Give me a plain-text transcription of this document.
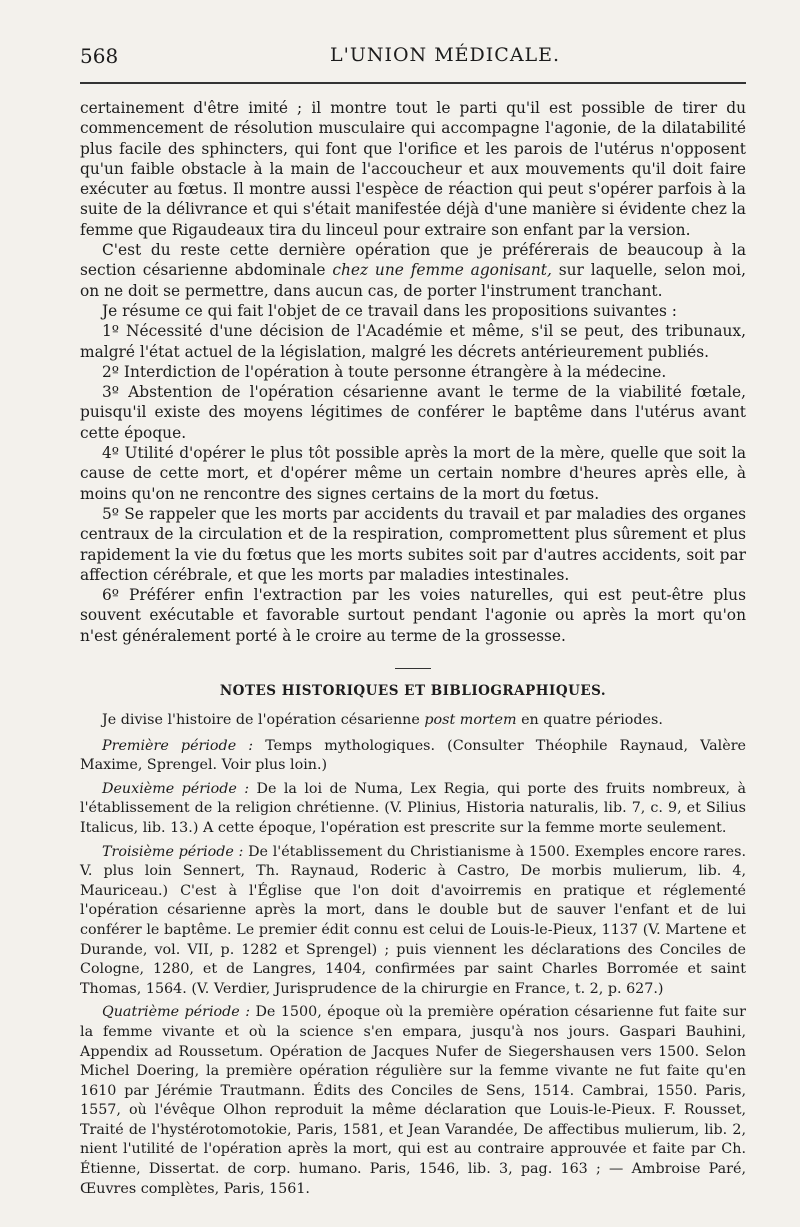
568	L'UNION MÉDICALE.

certainement d'être imité ; il montre tout le parti qu'il est possible de tirer du commencement de résolution musculaire qui accompagne l'agonie, de la dilatabilité plus facile des sphincters, qui font que l'orifice et les parois de l'utérus n'opposent qu'un faible obstacle à la main de l'accoucheur et aux mouvements qu'il doit faire exécuter au fœtus. Il montre aussi l'espèce de réaction qui peut s'opérer parfois à la suite de la délivrance et qui s'était manifestée déjà d'une manière si évidente chez la femme que Rigaudeaux tira du linceul pour extraire son enfant par la version.

C'est du reste cette dernière opération que je préférerais de beaucoup à la section césarienne abdominale chez une femme agonisant, sur laquelle, selon moi, on ne doit se permettre, dans aucun cas, de porter l'instrument tranchant.

Je résume ce qui fait l'objet de ce travail dans les propositions suivantes :

1º Nécessité d'une décision de l'Académie et même, s'il se peut, des tribunaux, malgré l'état actuel de la législation, malgré les décrets antérieurement publiés.

2º Interdiction de l'opération à toute personne étrangère à la médecine.

3º Abstention de l'opération césarienne avant le terme de la viabilité fœtale, puisqu'il existe des moyens légitimes de conférer le baptême dans l'utérus avant cette époque.

4º Utilité d'opérer le plus tôt possible après la mort de la mère, quelle que soit la cause de cette mort, et d'opérer même un certain nombre d'heures après elle, à moins qu'on ne rencontre des signes certains de la mort du fœtus.

5º Se rappeler que les morts par accidents du travail et par maladies des organes centraux de la circulation et de la respiration, compromettent plus sûrement et plus rapidement la vie du fœtus que les morts subites soit par d'autres accidents, soit par affection cérébrale, et que les morts par maladies intestinales.

6º Préférer enfin l'extraction par les voies naturelles, qui est peut-être plus souvent exécutable et favorable surtout pendant l'agonie ou après la mort qu'on n'est généralement porté à le croire au terme de la grossesse.

NOTES HISTORIQUES ET BIBLIOGRAPHIQUES.

Je divise l'histoire de l'opération césarienne post mortem en quatre périodes.

Première période : Temps mythologiques. (Consulter Théophile Raynaud, Valère Maxime, Sprengel. Voir plus loin.)

Deuxième période : De la loi de Numa, Lex Regia, qui porte des fruits nombreux, à l'établissement de la religion chrétienne. (V. Plinius, Historia naturalis, lib. 7, c. 9, et Silius Italicus, lib. 13.) A cette époque, l'opération est prescrite sur la femme morte seulement.

Troisième période : De l'établissement du Christianisme à 1500. Exemples encore rares. V. plus loin Sennert, Th. Raynaud, Roderic à Castro, De morbis mulierum, lib. 4, Mauriceau.) C'est à l'Église que l'on doit d'avoirremis en pratique et réglementé l'opération césarienne après la mort, dans le double but de sauver l'enfant et de lui conférer le baptême. Le premier édit connu est celui de Louis-le-Pieux, 1137 (V. Martene et Durande, vol. VII, p. 1282 et Sprengel) ; puis viennent les déclarations des Conciles de Cologne, 1280, et de Langres, 1404, confirmées par saint Charles Borromée et saint Thomas, 1564. (V. Verdier, Jurisprudence de la chirurgie en France, t. 2, p. 627.)

Quatrième période : De 1500, époque où la première opération césarienne fut faite sur la femme vivante et où la science s'en empara, jusqu'à nos jours. Gaspari Bauhini, Appendix ad Roussetum. Opération de Jacques Nufer de Siegershausen vers 1500. Selon Michel Doering, la première opération régulière sur la femme vivante ne fut faite qu'en 1610 par Jérémie Trautmann. Édits des Conciles de Sens, 1514. Cambrai, 1550. Paris, 1557, où l'évêque Olhon reproduit la même déclaration que Louis-le-Pieux. F. Rousset, Traité de l'hystérotomotokie, Paris, 1581, et Jean Varandée, De affectibus mulierum, lib. 2, nient l'utilité de l'opération après la mort, qui est au contraire approuvée et faite par Ch. Étienne, Dissertat. de corp. humano. Paris, 1546, lib. 3, pag. 163 ; — Ambroise Paré, Œuvres complètes, Paris, 1561.
